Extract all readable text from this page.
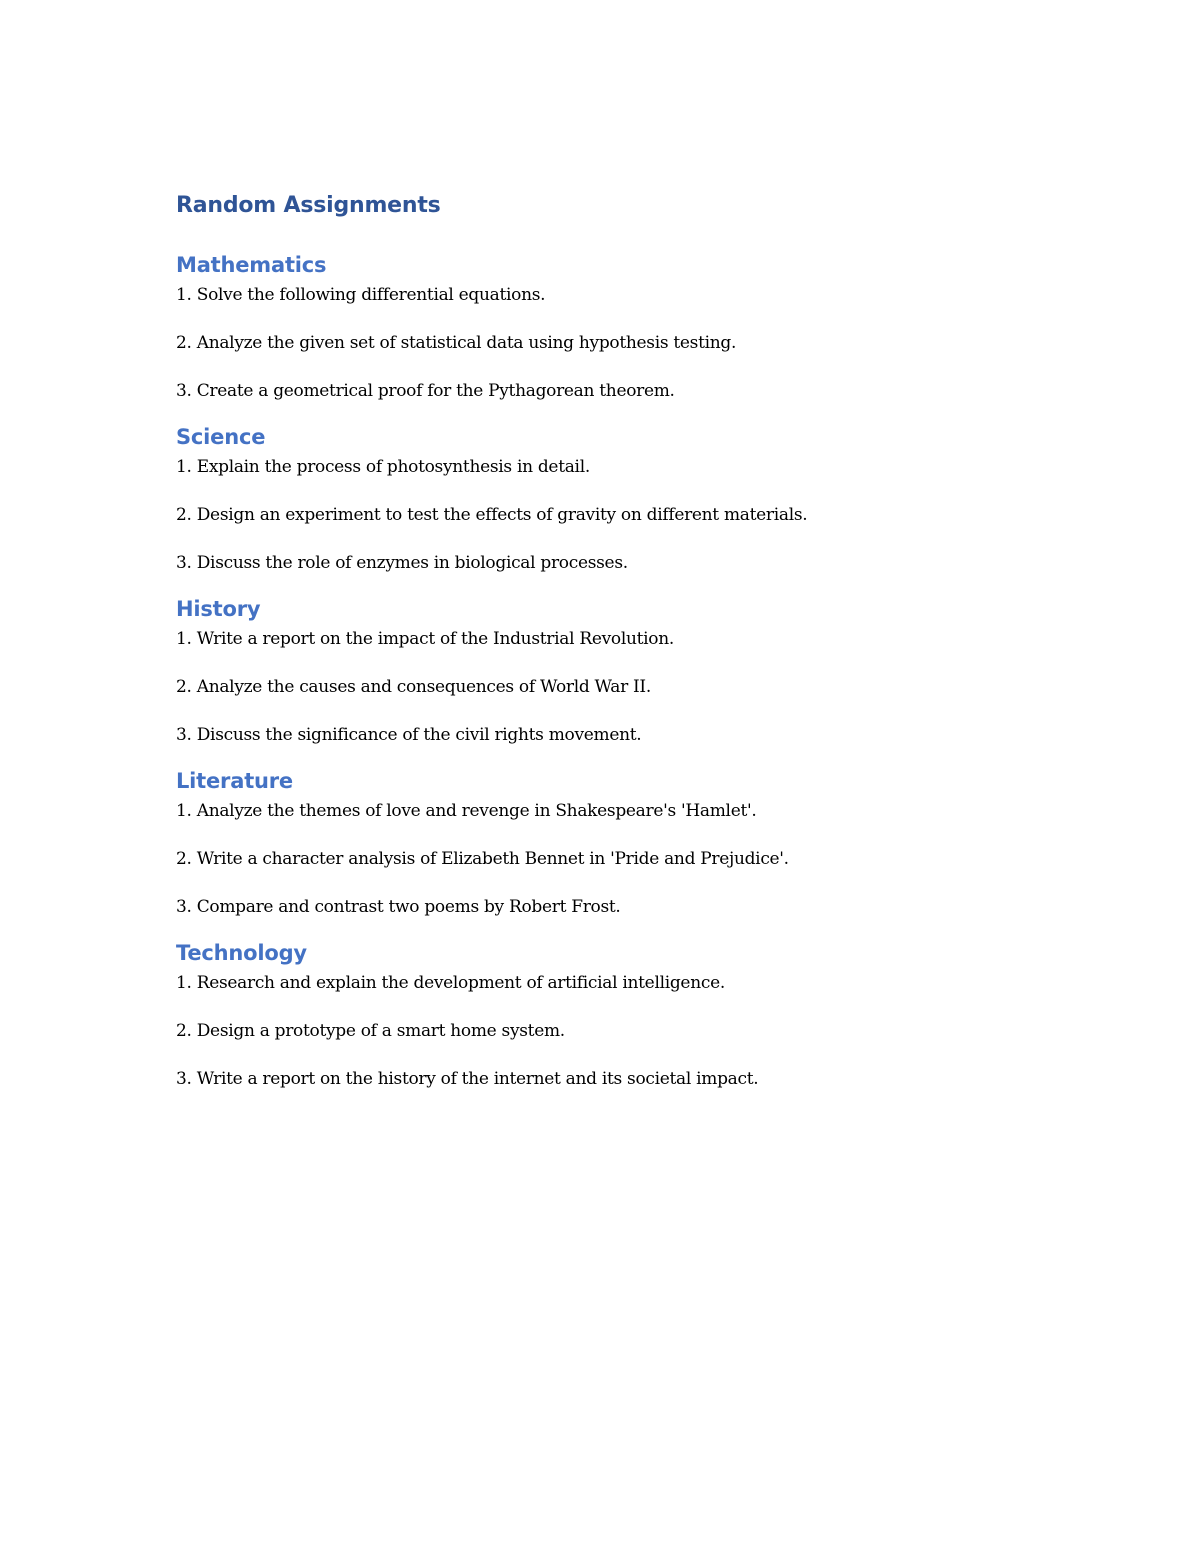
Random Assignments
Mathematics
1. Solve the following differential equations.
2. Analyze the given set of statistical data using hypothesis testing.
3. Create a geometrical proof for the Pythagorean theorem.
Science
1. Explain the process of photosynthesis in detail.
2. Design an experiment to test the effects of gravity on different materials.
3. Discuss the role of enzymes in biological processes.
History
1. Write a report on the impact of the Industrial Revolution.
2. Analyze the causes and consequences of World War II.
3. Discuss the significance of the civil rights movement.
Literature
1. Analyze the themes of love and revenge in Shakespeare's 'Hamlet'.
2. Write a character analysis of Elizabeth Bennet in 'Pride and Prejudice'.
3. Compare and contrast two poems by Robert Frost.
Technology
1. Research and explain the development of artificial intelligence.
2. Design a prototype of a smart home system.
3. Write a report on the history of the internet and its societal impact.
